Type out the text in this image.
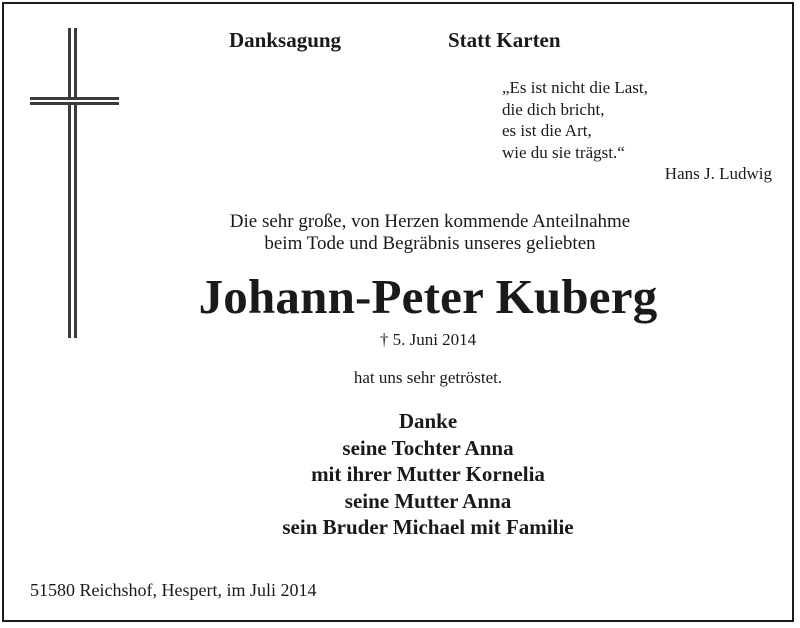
Danksagung	Statt Karten
„Es ist nicht die Last,
die dich bricht,
es ist die Art,
wie du sie trägst.“
Hans J. Ludwig
Die sehr große, von Herzen kommende Anteilnahme
beim Tode und Begräbnis unseres geliebten
Johann-Peter Kuberg
† 5. Juni 2014
hat uns sehr getröstet.
Danke
seine Tochter Anna
mit ihrer Mutter Kornelia
seine Mutter Anna
sein Bruder Michael mit Familie
51580 Reichshof, Hespert, im Juli 2014
